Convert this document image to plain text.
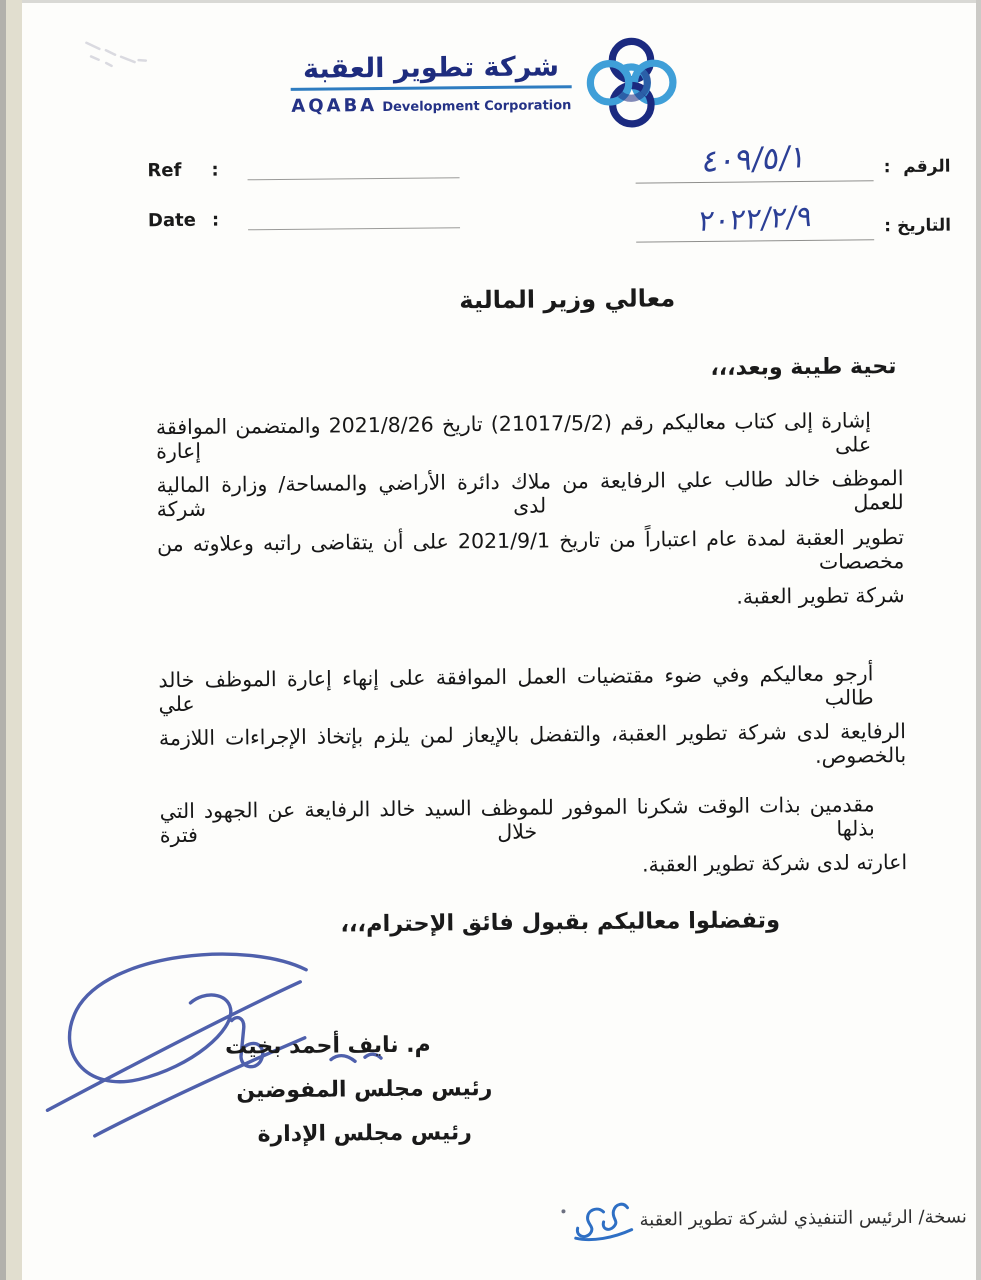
شركة تطوير العقبة
AQABA Development Corporation
Ref	:
Date :
الرقم
:
٤٠٩/٥/١
التاريخ
:
٢٠٢٢/٢/٩
معالي وزير المالية
تحية طيبة وبعد،،،
إشارة إلى كتاب معاليكم رقم (21017/5/2) تاريخ 2021/8/26 والمتضمن الموافقة على إعارة
الموظف خالد طالب علي الرفايعة من ملاك دائرة الأراضي والمساحة/ وزارة المالية للعمل لدى شركة
تطوير العقبة لمدة عام اعتباراً من تاريخ 2021/9/1 على أن يتقاضى راتبه وعلاوته من مخصصات
شركة تطوير العقبة.
أرجو معاليكم وفي ضوء مقتضيات العمل الموافقة على إنهاء إعارة الموظف خالد طالب علي
الرفايعة لدى شركة تطوير العقبة، والتفضل بالإيعاز لمن يلزم بإتخاذ الإجراءات اللازمة بالخصوص.
مقدمين بذات الوقت شكرنا الموفور للموظف السيد خالد الرفايعة عن الجهود التي بذلها خلال فترة
اعارته لدى شركة تطوير العقبة.
وتفضلوا معاليكم بقبول فائق الإحترام،،،
م. نايف أحمد بخيت
رئيس مجلس المفوضين
رئيس مجلس الإدارة
نسخة/ الرئيس التنفيذي لشركة تطوير العقبة
